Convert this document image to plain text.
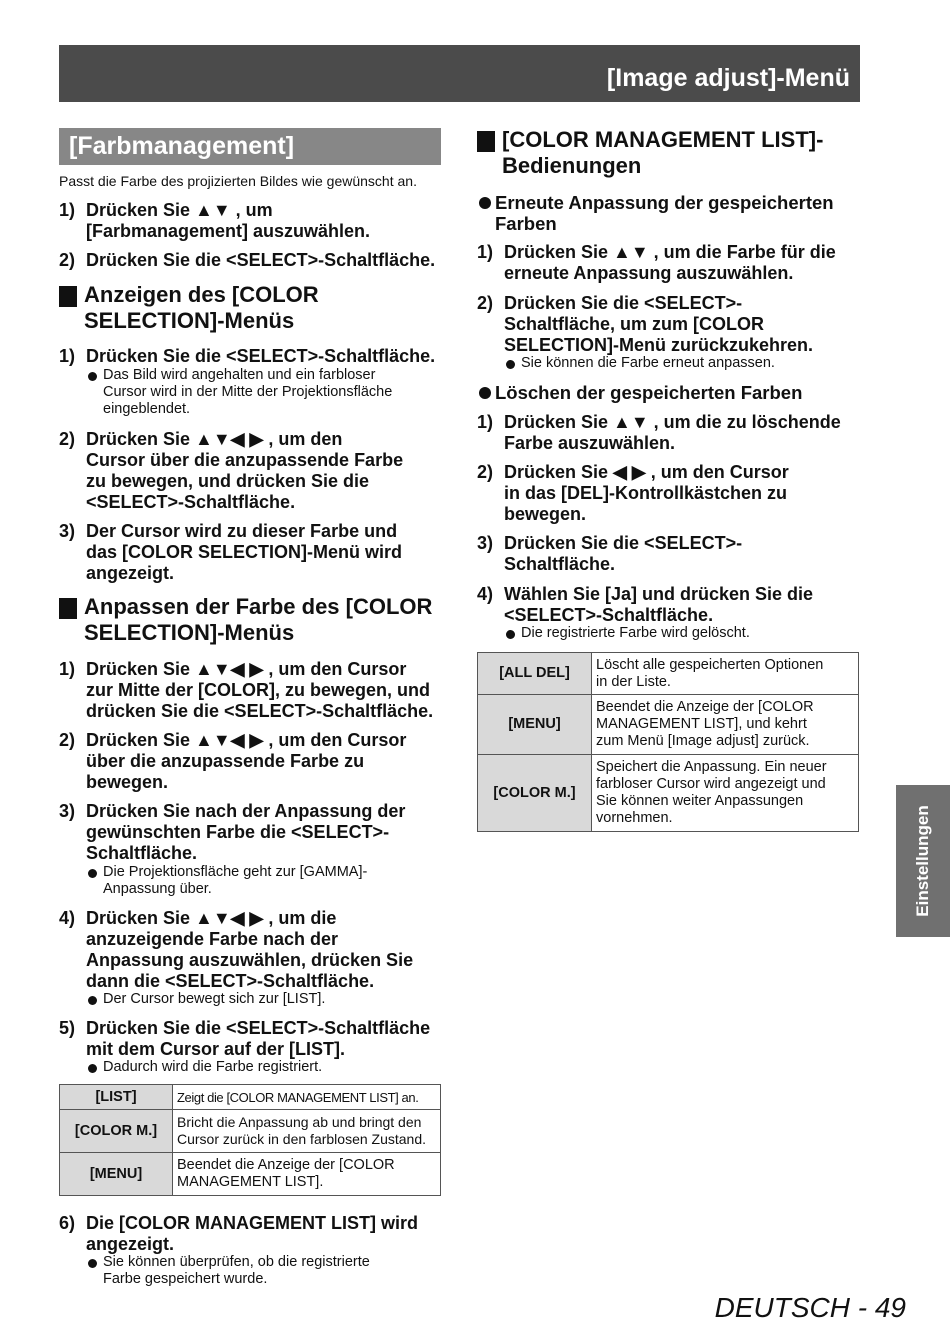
[Image adjust]-Menü
[Farbmanagement]
Passt die Farbe des projizierten Bildes wie gewünscht an.
1) Drücken Sie ▲▼ , um
[Farbmanagement] auszuwählen.
2) Drücken Sie die <SELECT>-Schaltfläche.
Anzeigen des [COLOR
SELECTION]-Menüs
1) Drücken Sie die <SELECT>-Schaltfläche.
Das Bild wird angehalten und ein farbloser
Cursor wird in der Mitte der Projektionsfläche
eingeblendet.
2) Drücken Sie ▲▼◀ ▶ , um den
Cursor über die anzupassende Farbe
zu bewegen, und drücken Sie die
<SELECT>-Schaltfläche.
3) Der Cursor wird zu dieser Farbe und
das [COLOR SELECTION]-Menü wird
angezeigt.
Anpassen der Farbe des [COLOR
SELECTION]-Menüs
1) Drücken Sie ▲▼◀ ▶ , um den Cursor
zur Mitte der [COLOR], zu bewegen, und
drücken Sie die <SELECT>-Schaltfläche.
2) Drücken Sie ▲▼◀ ▶ , um den Cursor
über die anzupassende Farbe zu
bewegen.
3) Drücken Sie nach der Anpassung der
gewünschten Farbe die <SELECT>-
Schaltfläche.
Die Projektionsfläche geht zur [GAMMA]-
Anpassung über.
4) Drücken Sie ▲▼◀ ▶ , um die
anzuzeigende Farbe nach der
Anpassung auszuwählen, drücken Sie
dann die <SELECT>-Schaltfläche.
Der Cursor bewegt sich zur [LIST].
5) Drücken Sie die <SELECT>-Schaltfläche
mit dem Cursor auf der [LIST].
Dadurch wird die Farbe registriert.
[LIST]	Zeigt die [COLOR MANAGEMENT LIST] an.

[COLOR M.]	Bricht die Anpassung ab und bringt den
Cursor zurück in den farblosen Zustand.

[MENU]	Beendet die Anzeige der [COLOR
MANAGEMENT LIST].
6) Die [COLOR MANAGEMENT LIST] wird
angezeigt.
Sie können überprüfen, ob die registrierte
Farbe gespeichert wurde.
[COLOR MANAGEMENT LIST]-
Bedienungen
Erneute Anpassung der gespeicherten
Farben
1) Drücken Sie ▲▼ , um die Farbe für die
erneute Anpassung auszuwählen.
2) Drücken Sie die <SELECT>-
Schaltfläche, um zum [COLOR
SELECTION]-Menü zurückzukehren.
Sie können die Farbe erneut anpassen.
Löschen der gespeicherten Farben
1) Drücken Sie ▲▼ , um die zu löschende
Farbe auszuwählen.
2) Drücken Sie ◀ ▶ , um den Cursor
in das [DEL]-Kontrollkästchen zu
bewegen.
3) Drücken Sie die <SELECT>-
Schaltfläche.
4) Wählen Sie [Ja] und drücken Sie die
<SELECT>-Schaltfläche.
Die registrierte Farbe wird gelöscht.
[ALL DEL]	Löscht alle gespeicherten Optionen
in der Liste.

[MENU]	Beendet die Anzeige der [COLOR
MANAGEMENT LIST], und kehrt
zum Menü [Image adjust] zurück.

[COLOR M.]	Speichert die Anpassung. Ein neuer
farbloser Cursor wird angezeigt und
Sie können weiter Anpassungen
vornehmen.	Einstellungen
DEUTSCH - 49
